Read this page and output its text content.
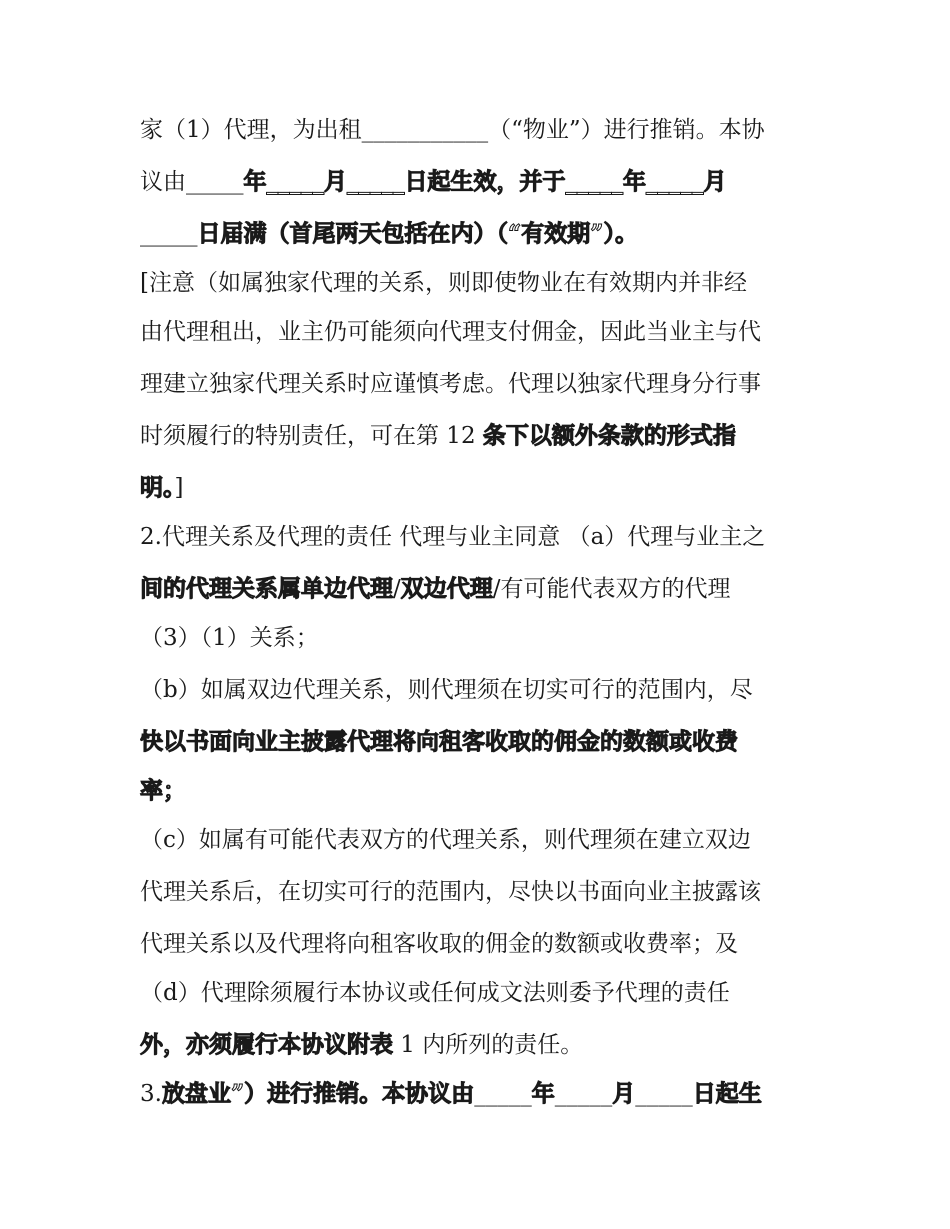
家（1）代理，为出租___________（“物业”）进行推销。本协
议由_____年_____月_____日起生效，并于_____年_____月
_____日届满（首尾两天包括在内）（“有效期”）。
[注意（如属独家代理的关系，则即使物业在有效期内并非经
由代理租出，业主仍可能须向代理支付佣金，因此当业主与代
理建立独家代理关系时应谨慎考虑。代理以独家代理身分行事
时须履行的特别责任，可在第 12 条下以额外条款的形式指
明。]
2.代理关系及代理的责任 代理与业主同意 （a）代理与业主之
间的代理关系属单边代理/双边代理/有可能代表双方的代理
（3）（1）关系；
（b）如属双边代理关系，则代理须在切实可行的范围内，尽
快以书面向业主披露代理将向租客收取的佣金的数额或收费
率；
（c）如属有可能代表双方的代理关系，则代理须在建立双边
代理关系后，在切实可行的范围内，尽快以书面向业主披露该
代理关系以及代理将向租客收取的佣金的数额或收费率；及
（d）代理除须履行本协议或任何成文法则委予代理的责任
外，亦须履行本协议附表 1 内所列的责任。
3.放盘业”）进行推销。本协议由_____年_____月_____日起生
